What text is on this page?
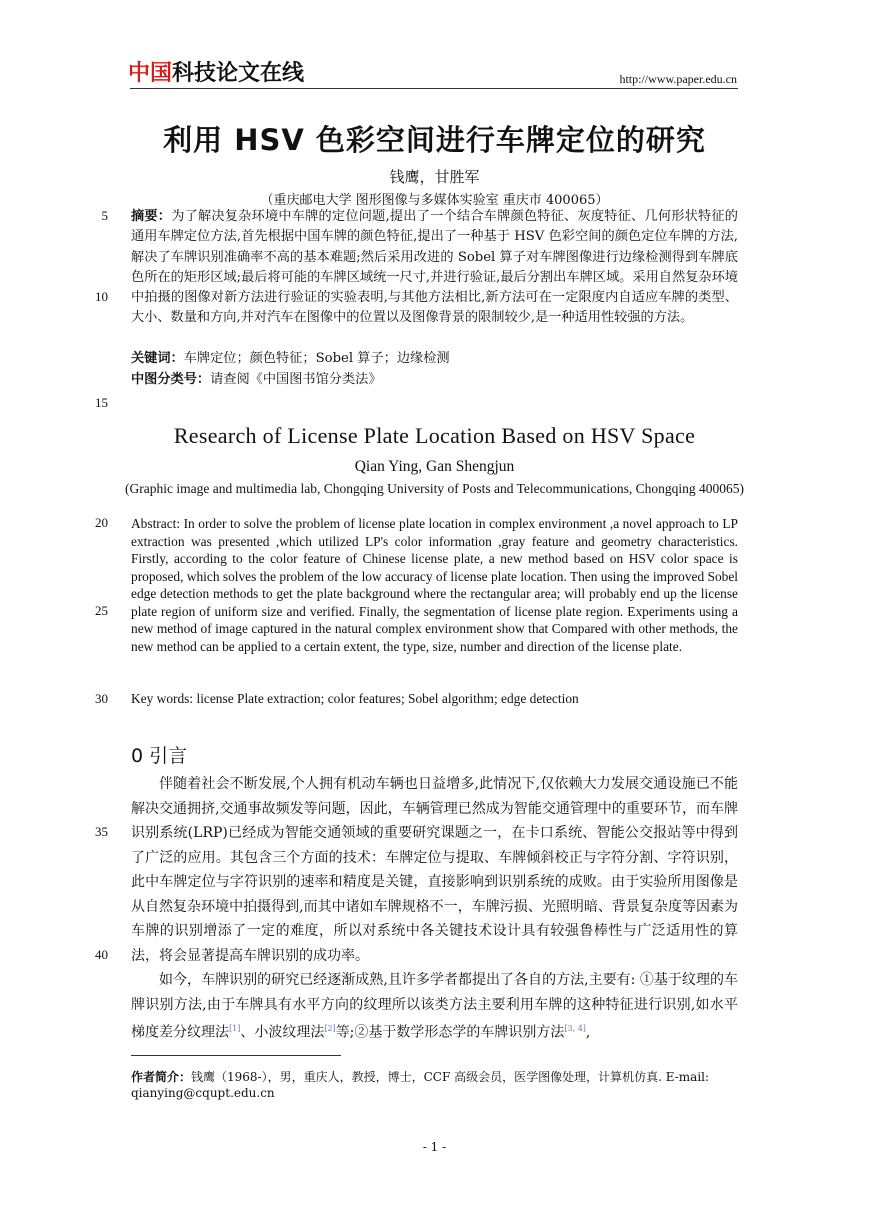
中国科技论文在线	http://www.paper.edu.cn
利用 HSV 色彩空间进行车牌定位的研究
钱鹰，甘胜军
（重庆邮电大学 图形图像与多媒体实验室 重庆市 400065）
5
10
15
20
25
30
35
40
摘要：为了解决复杂环境中车牌的定位问题,提出了一个结合车牌颜色特征、灰度特征、几何形状特征的通用车牌定位方法,首先根据中国车牌的颜色特征,提出了一种基于 HSV 色彩空间的颜色定位车牌的方法,解决了车牌识别准确率不高的基本难题;然后采用改进的 Sobel 算子对车牌图像进行边缘检测得到车牌底色所在的矩形区域;最后将可能的车牌区域统一尺寸,并进行验证,最后分割出车牌区域。采用自然复杂环境中拍摄的图像对新方法进行验证的实验表明,与其他方法相比,新方法可在一定限度内自适应车牌的类型、大小、数量和方向,并对汽车在图像中的位置以及图像背景的限制较少,是一种适用性较强的方法。
关键词：车牌定位；颜色特征；Sobel 算子；边缘检测
中图分类号：请查阅《中国图书馆分类法》
Research of License Plate Location Based on HSV Space
Qian Ying, Gan Shengjun
(Graphic image and multimedia lab, Chongqing University of Posts and Telecommunications, Chongqing 400065)
Abstract: In order to solve the problem of license plate location in complex environment ,a novel approach to LP extraction was presented ,which utilized LP's color information ,gray feature and geometry characteristics. Firstly, according to the color feature of Chinese license plate, a new method based on HSV color space is proposed, which solves the problem of the low accuracy of license plate location. Then using the improved Sobel edge detection methods to get the plate background where the rectangular area; will probably end up the license plate region of uniform size and verified. Finally, the segmentation of license plate region. Experiments using a new method of image captured in the natural complex environment show that Compared with other methods, the new method can be applied to a certain extent, the type, size, number and direction of the license plate.
Key words: license Plate extraction; color features; Sobel algorithm; edge detection
0 引言

伴随着社会不断发展,个人拥有机动车辆也日益增多,此情况下,仅依赖大力发展交通设施已不能解决交通拥挤,交通事故频发等问题，因此，车辆管理已然成为智能交通管理中的重要环节，而车牌识别系统(LRP)已经成为智能交通领域的重要研究课题之一，在卡口系统、智能公交报站等中得到了广泛的应用。其包含三个方面的技术：车牌定位与提取、车牌倾斜校正与字符分割、字符识别，此中车牌定位与字符识别的速率和精度是关键，直接影响到识别系统的成败。由于实验所用图像是从自然复杂环境中拍摄得到,而其中诸如车牌规格不一，车牌污损、光照明暗、背景复杂度等因素为车牌的识别增添了一定的难度，所以对系统中各关键技术设计具有较强鲁棒性与广泛适用性的算法，将会显著提高车牌识别的成功率。

如今，车牌识别的研究已经逐渐成熟,且许多学者都提出了各自的方法,主要有: ①基于纹理的车牌识别方法,由于车牌具有水平方向的纹理所以该类方法主要利用车牌的这种特征进行识别,如水平梯度差分纹理法[1]、小波纹理法[2]等;②基于数学形态学的车牌识别方法[3, 4],

作者简介：钱鹰（1968-），男，重庆人，教授，博士，CCF 高级会员，医学图像处理，计算机仿真. E-mail: qianying@cqupt.edu.cn
- 1 -
